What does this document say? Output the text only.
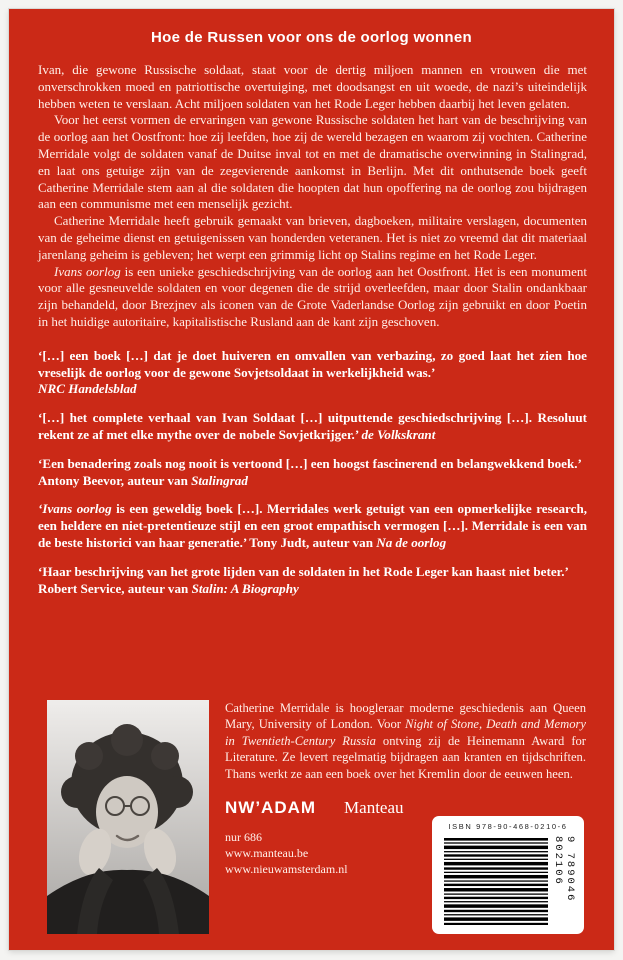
Hoe de Russen voor ons de oorlog wonnen

Ivan, die gewone Russische soldaat, staat voor de dertig miljoen mannen en vrouwen die met onverschrokken moed en patriottische overtuiging, met doodsangst en uit woede, de nazi’s uiteindelijk hebben weten te verslaan. Acht miljoen soldaten van het Rode Leger hebben daarbij het leven gelaten.

Voor het eerst vormen de ervaringen van gewone Russische soldaten het hart van de beschrijving van de oorlog aan het Oostfront: hoe zij leefden, hoe zij de wereld bezagen en waarom zij vochten. Catherine Merridale volgt de soldaten vanaf de Duitse inval tot en met de dramatische overwinning in Stalingrad, en laat ons getuige zijn van de zegevierende aankomst in Berlijn. Met dit onthutsende boek geeft Catherine Merridale stem aan al die soldaten die hoopten dat hun opoffering na de oorlog zou bijdragen aan een communisme met een menselijk gezicht.

Catherine Merridale heeft gebruik gemaakt van brieven, dagboeken, militaire verslagen, documenten van de geheime dienst en getuigenissen van honderden veteranen. Het is niet zo vreemd dat dit materiaal jarenlang geheim is gebleven; het werpt een grimmig licht op Stalins regime en het Rode Leger.

Ivans oorlog is een unieke geschiedschrijving van de oorlog aan het Oostfront. Het is een monument voor alle gesneuvelde soldaten en voor degenen die de strijd overleefden, maar door Stalin ondankbaar zijn behandeld, door Brezjnev als iconen van de Grote Vaderlandse Oorlog zijn gebruikt en door Poetin in het huidige autoritaire, kapitalistische Rusland aan de kant zijn geschoven.

‘[…] een boek […] dat je doet huiveren en omvallen van verbazing, zo goed laat het zien hoe vreselijk de oorlog voor de gewone Sovjetsoldaat in werkelijkheid was.’
NRC Handelsblad

‘[…] het complete verhaal van Ivan Soldaat […] uitputtende geschiedschrijving […]. Resoluut rekent ze af met elke mythe over de nobele Sovjetkrijger.’ de Volkskrant

‘Een benadering zoals nog nooit is vertoond […] een hoogst fascinerend en belangwekkend boek.’
Antony Beevor, auteur van Stalingrad

‘Ivans oorlog is een geweldig boek […]. Merridales werk getuigt van een opmerkelijke research, een heldere en niet-pretentieuze stijl en een groot empathisch vermogen […]. Merridale is een van de beste historici van haar generatie.’ Tony Judt, auteur van Na de oorlog

‘Haar beschrijving van het grote lijden van de soldaten in het Rode Leger kan haast niet beter.’
Robert Service, auteur van Stalin: A Biography

Catherine Merridale is hoogleraar moderne geschiedenis aan Queen Mary, University of London. Voor Night of Stone, Death and Memory in Twentieth-Century Russia ontving zij de Heinemann Award for Literature. Ze levert regelmatig bijdragen aan kranten en tijdschriften. Thans werkt ze aan een boek over het Kremlin door de eeuwen heen.

NW’ADAM Manteau
nur 686
www.manteau.be
www.nieuwamsterdam.nl
ISBN 978-90-468-0210-6
9 789046 802106
